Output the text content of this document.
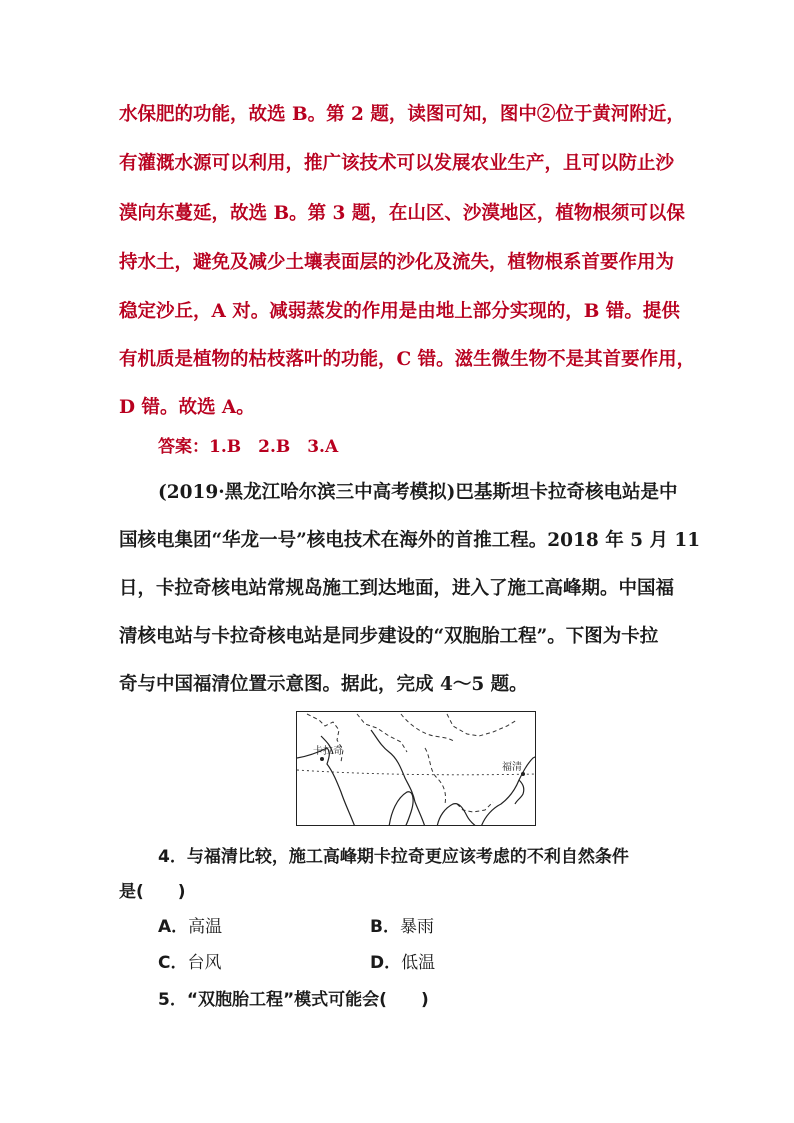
水保肥的功能，故选 B。第 2 题，读图可知，图中②位于黄河附近，
有灌溉水源可以利用，推广该技术可以发展农业生产，且可以防止沙
漠向东蔓延，故选 B。第 3 题，在山区、沙漠地区，植物根须可以保
持水土，避免及减少土壤表面层的沙化及流失，植物根系首要作用为
稳定沙丘，A 对。减弱蒸发的作用是由地上部分实现的，B 错。提供
有机质是植物的枯枝落叶的功能，C 错。滋生微生物不是其首要作用，
D 错。故选 A。
答案：1.B　2.B　3.A
(2019·黑龙江哈尔滨三中高考模拟)巴基斯坦卡拉奇核电站是中
国核电集团“华龙一号”核电技术在海外的首推工程。2018 年 5 月 11
日，卡拉奇核电站常规岛施工到达地面，进入了施工高峰期。中国福
清核电站与卡拉奇核电站是同步建设的“双胞胎工程”。下图为卡拉
奇与中国福清位置示意图。据此，完成 4～5 题。
卡拉奇
福清
4．与福清比较，施工高峰期卡拉奇更应该考虑的不利自然条件
是(　　)
A．高温	B．暴雨
C．台风	D．低温
5．“双胞胎工程”模式可能会(　　)
